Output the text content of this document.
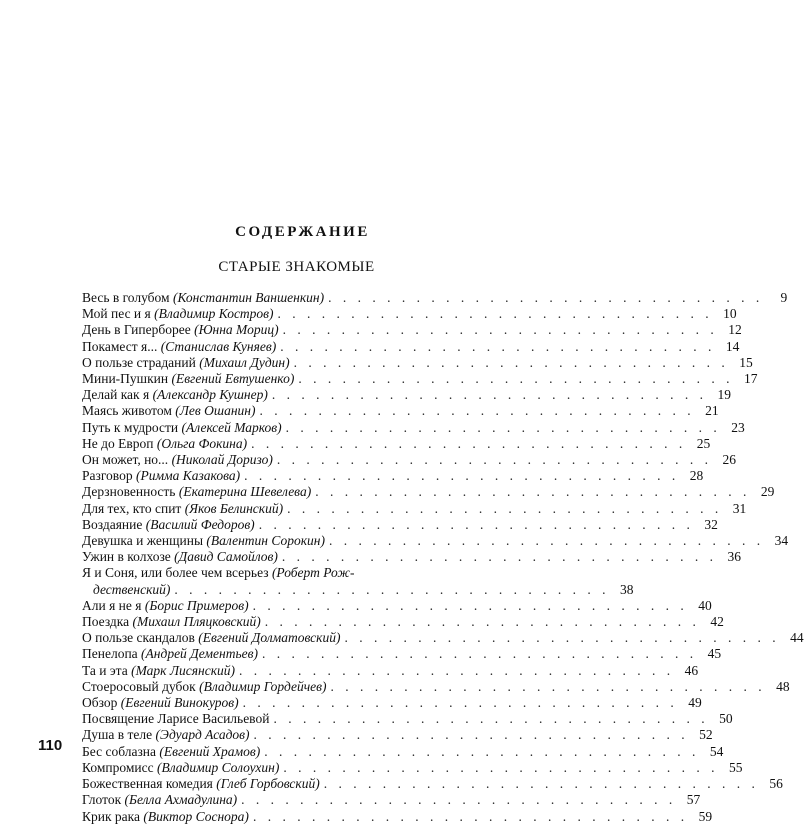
СОДЕРЖАНИЕ
СТАРЫЕ ЗНАКОМЫЕ
Весь в голубом (Константин Ваншенкин) . . . . . . . . . . . . . . . . . . . . . . . . . . . . . .	9
Мой пес и я (Владимир Костров) . . . . . . . . . . . . . . . . . . . . . . . . . . . . . . 10
День в Гиперборее (Юнна Мориц) . . . . . . . . . . . . . . . . . . . . . . . . . . . . . . 12
Покамест я... (Станислав Куняев) . . . . . . . . . . . . . . . . . . . . . . . . . . . . . . 14
О пользе страданий (Михаил Дудин) . . . . . . . . . . . . . . . . . . . . . . . . . . . . . . 15
Мини-Пушкин (Евгений Евтушенко) . . . . . . . . . . . . . . . . . . . . . . . . . . . . . . 17
Делай как я (Александр Кушнер) . . . . . . . . . . . . . . . . . . . . . . . . . . . . . . 19
Маясь животом (Лев Ошанин) . . . . . . . . . . . . . . . . . . . . . . . . . . . . . . 21
Путь к мудрости (Алексей Марков) . . . . . . . . . . . . . . . . . . . . . . . . . . . . . . 23
Не до Европ (Ольга Фокина) . . . . . . . . . . . . . . . . . . . . . . . . . . . . . . 25
Он может, но... (Николай Доризо) . . . . . . . . . . . . . . . . . . . . . . . . . . . . . . 26
Разговор (Римма Казакова) . . . . . . . . . . . . . . . . . . . . . . . . . . . . . . 28
Дерзновенность (Екатерина Шевелева) . . . . . . . . . . . . . . . . . . . . . . . . . . . . . . 29
Для тех, кто спит (Яков Белинский) . . . . . . . . . . . . . . . . . . . . . . . . . . . . . . 31
Воздаяние (Василий Федоров) . . . . . . . . . . . . . . . . . . . . . . . . . . . . . . 32
Девушка и женщины (Валентин Сорокин) . . . . . . . . . . . . . . . . . . . . . . . . . . . . . . 34
Ужин в колхозе (Давид Самойлов) . . . . . . . . . . . . . . . . . . . . . . . . . . . . . . 36
Я и Соня, или более чем всерьез (Роберт Рож-
дественский) . . . . . . . . . . . . . . . . . . . . . . . . . . . . . . 38
Али я не я (Борис Примеров) . . . . . . . . . . . . . . . . . . . . . . . . . . . . . . 40
Поездка (Михаил Пляцковский) . . . . . . . . . . . . . . . . . . . . . . . . . . . . . . 42
О пользе скандалов (Евгений Долматовский) . . . . . . . . . . . . . . . . . . . . . . . . . . . . . . 44
Пенелопа (Андрей Дементьев) . . . . . . . . . . . . . . . . . . . . . . . . . . . . . . 45
Та и эта (Марк Лисянский) . . . . . . . . . . . . . . . . . . . . . . . . . . . . . . 46
Стоеросовый дубок (Владимир Гордейчев) . . . . . . . . . . . . . . . . . . . . . . . . . . . . . . 48
Обзор (Евгений Винокуров) . . . . . . . . . . . . . . . . . . . . . . . . . . . . . . 49
Посвящение Ларисе Васильевой . . . . . . . . . . . . . . . . . . . . . . . . . . . . . . 50
Душа в теле (Эдуард Асадов) . . . . . . . . . . . . . . . . . . . . . . . . . . . . . . 52
Бес соблазна (Евгений Храмов) . . . . . . . . . . . . . . . . . . . . . . . . . . . . . . 54
Компромисс (Владимир Солоухин) . . . . . . . . . . . . . . . . . . . . . . . . . . . . . . 55
Божественная комедия (Глеб Горбовский) . . . . . . . . . . . . . . . . . . . . . . . . . . . . . . 56
Глоток (Белла Ахмадулина) . . . . . . . . . . . . . . . . . . . . . . . . . . . . . . 57
Крик рака (Виктор Соснора) . . . . . . . . . . . . . . . . . . . . . . . . . . . . . . 59
110
